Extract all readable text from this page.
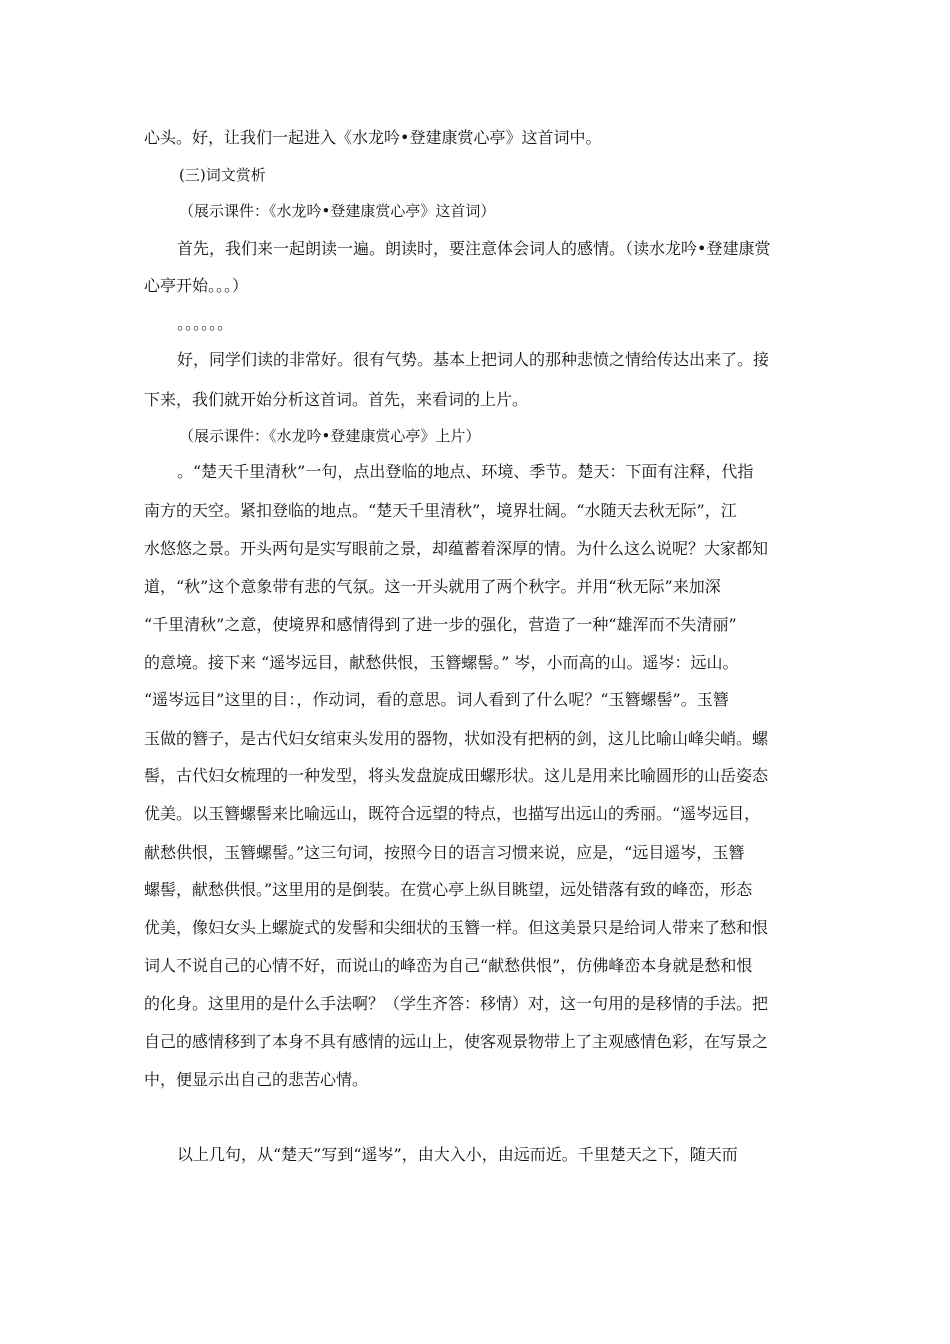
心头。好，让我们一起进入《水龙吟•登建康赏心亭》这首词中。
(三)词文赏析
（展示课件：《水龙吟•登建康赏心亭》这首词）
首先，我们来一起朗读一遍。朗读时，要注意体会词人的感情。（读水龙吟•登建康赏
心亭开始。。。）
。。。。。。
好，同学们读的非常好。很有气势。基本上把词人的那种悲愤之情给传达出来了。接
下来，我们就开始分析这首词。首先，来看词的上片。
（展示课件：《水龙吟•登建康赏心亭》上片）
。“楚天千里清秋”一句，点出登临的地点、环境、季节。楚天：下面有注释，代指
南方的天空。紧扣登临的地点。“楚天千里清秋”，境界壮阔。“水随天去秋无际”，江
水悠悠之景。开头两句是实写眼前之景，却蕴蓄着深厚的情。为什么这么说呢？大家都知
道，“秋”这个意象带有悲的气氛。这一开头就用了两个秋字。并用“秋无际”来加深
“千里清秋”之意，使境界和感情得到了进一步的强化，营造了一种“雄浑而不失清丽”
的意境。接下来 “遥岑远目，献愁供恨，玉簪螺髻。” 岑，小而高的山。遥岑：远山。
“遥岑远目”这里的目：，作动词，看的意思。词人看到了什么呢？“玉簪螺髻”。玉簪
玉做的簪子，是古代妇女绾束头发用的器物，状如没有把柄的剑，这儿比喻山峰尖峭。螺
髻，古代妇女梳理的一种发型，将头发盘旋成田螺形状。这儿是用来比喻圆形的山岳姿态
优美。以玉簪螺髻来比喻远山，既符合远望的特点，也描写出远山的秀丽。“遥岑远目，
献愁供恨，玉簪螺髻。”这三句词，按照今日的语言习惯来说，应是，“远目遥岑，玉簪
螺髻，献愁供恨。”这里用的是倒装。在赏心亭上纵目眺望，远处错落有致的峰峦，形态
优美，像妇女头上螺旋式的发髻和尖细状的玉簪一样。但这美景只是给词人带来了愁和恨
词人不说自己的心情不好，而说山的峰峦为自己“献愁供恨”，仿佛峰峦本身就是愁和恨
的化身。这里用的是什么手法啊？（学生齐答：移情）对，这一句用的是移情的手法。把
自己的感情移到了本身不具有感情的远山上，使客观景物带上了主观感情色彩，在写景之
中，便显示出自己的悲苦心情。
以上几句，从“楚天”写到“遥岑”，由大入小，由远而近。千里楚天之下，随天而
